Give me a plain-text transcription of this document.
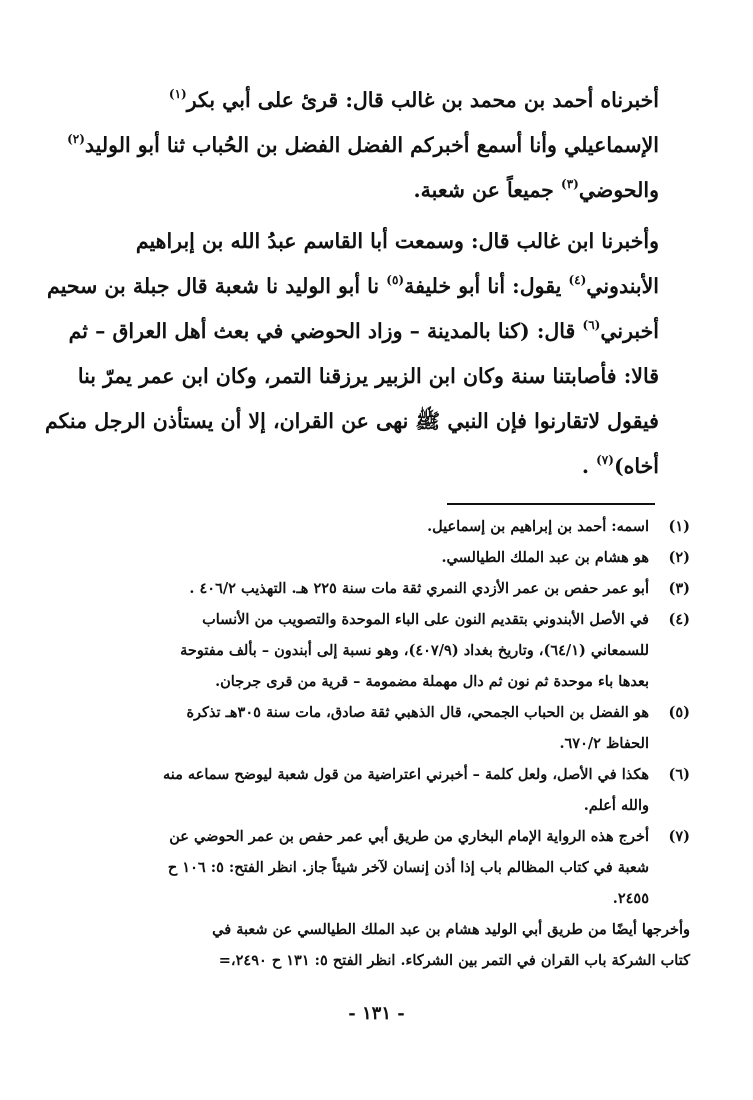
أخبرناه أحمد بن محمد بن غالب قال: قرئ على أبي بكر$^{(١)}$
الإسماعيلي وأنا أسمع أخبركم الفضل الفضل بن الحُباب ثنا أبو الوليد$^{(٢)}$
والحوضي$^{(٣)}$ جميعاً عن شعبة.

وأخبرنا ابن غالب قال: وسمعت أبا القاسم عبدُ الله بن إبراهيم
الأبندوني$^{(٤)}$ يقول: أنا أبو خليفة$^{(٥)}$ نا أبو الوليد نا شعبة قال جبلة بن سحيم
أخبرني$^{(٦)}$ قال: (كنا بالمدينة – وزاد الحوضي في بعث أهل العراق – ثم
قالا: فأصابتنا سنة وكان ابن الزبير يرزقنا التمر، وكان ابن عمر يمرّ بنا
فيقول لاتقارنوا فإن النبي ﷺ نهى عن القران، إلا أن يستأذن الرجل منكم
أخاه)$^{(٧)}$ .

(١)
اسمه: أحمد بن إبراهيم بن إسماعيل.
(٢)
هو هشام بن عبد الملك الطيالسي.
(٣)
أبو عمر حفص بن عمر الأزدي النمري ثقة مات سنة ٢٢٥ هـ. التهذيب ٤٠٦/٢ .
(٤)
في الأصل الأبندوني بتقديم النون على الباء الموحدة والتصويب من الأنساب
للسمعاني (٦٤/١)، وتاريخ بغداد (٤٠٧/٩)، وهو نسبة إلى أبندون – بألف مفتوحة
بعدها باء موحدة ثم نون ثم دال مهملة مضمومة – قرية من قرى جرجان.
(٥)
هو الفضل بن الحباب الجمحي، قال الذهبي ثقة صادق، مات سنة ٣٠٥هـ تذكرة
الحفاظ ٦٧٠/٢.
(٦)
هكذا في الأصل، ولعل كلمة – أخبرني اعتراضية من قول شعبة ليوضح سماعه منه
والله أعلم.
(٧)
أخرج هذه الرواية الإمام البخاري من طريق أبي عمر حفص بن عمر الحوضي عن
شعبة في كتاب المظالم باب إذا أذن إنسان لآخر شيئاً جاز. انظر الفتح: ٥: ١٠٦ ح
٢٤٥٥.
وأخرجها أيضًا من طريق أبي الوليد هشام بن عبد الملك الطيالسي عن شعبة في
كتاب الشركة باب القران في التمر بين الشركاء. انظر الفتح ٥: ١٣١ ح ٢٤٩٠،=
- ١٣١ -
